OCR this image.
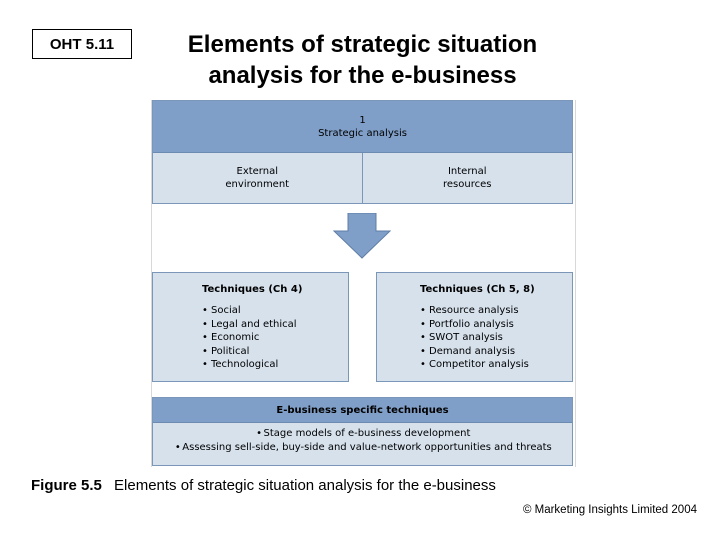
OHT 5.11	Elements of strategic situation
analysis for the e-business
1
Strategic analysis
External
environment
Internal
resources
Techniques (Ch 4)
• Social
• Legal and ethical
• Economic
• Political
• Technological
Techniques (Ch 5, 8)
• Resource analysis
• Portfolio analysis
• SWOT analysis
• Demand analysis
• Competitor analysis
E-business specific techniques
• Stage models of e-business development
• Assessing sell-side, buy-side and value-network opportunities and threats
Figure 5.5 Elements of strategic situation analysis for the e-business
© Marketing Insights Limited 2004
